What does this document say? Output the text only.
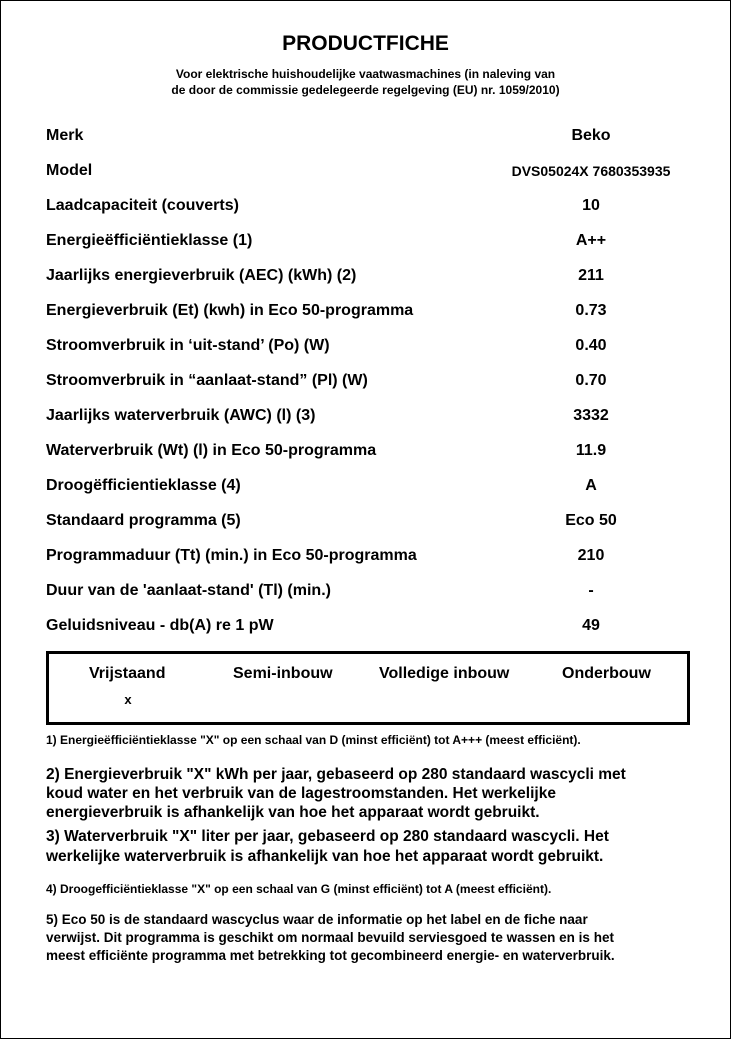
PRODUCTFICHE
Voor elektrische huishoudelijke vaatwasmachines (in naleving van
de door de commissie gedelegeerde regelgeving (EU) nr. 1059/2010)
Merk	Beko
Model	DVS05024X 7680353935
Laadcapaciteit (couverts)	10
Energieëfficiëntieklasse (1)	A++
Jaarlijks energieverbruik (AEC) (kWh) (2)	211
Energieverbruik (Et) (kwh) in Eco 50-programma	0.73
Stroomverbruik in ‘uit-stand’ (Po) (W)	0.40
Stroomverbruik in “aanlaat-stand” (Pl) (W)	0.70
Jaarlijks waterverbruik (AWC) (l) (3)	3332
Waterverbruik (Wt) (l) in Eco 50-programma	11.9
Droogëfficientieklasse (4)	A
Standaard programma (5)	Eco 50
Programmaduur (Tt) (min.) in Eco 50-programma	210
Duur van de 'aanlaat-stand' (Tl) (min.)	-
Geluidsniveau - db(A) re 1 pW	49
Vrijstaand	Semi-inbouw	Volledige inbouw	Onderbouw
x
1) Energieëfficiëntieklasse "X" op een schaal van D (minst efficiënt) tot A+++ (meest efficiënt).
2) Energieverbruik "X" kWh per jaar, gebaseerd op 280 standaard wascycli met
koud water en het verbruik van de lagestroomstanden. Het werkelijke
energieverbruik is afhankelijk van hoe het apparaat wordt gebruikt.
3) Waterverbruik "X" liter per jaar, gebaseerd op 280 standaard wascycli. Het
werkelijke waterverbruik is afhankelijk van hoe het apparaat wordt gebruikt.
4) Droogefficiëntieklasse "X" op een schaal van G (minst efficiënt) tot A (meest efficiënt).
5) Eco 50 is de standaard wascyclus waar de informatie op het label en de fiche naar
verwijst. Dit programma is geschikt om normaal bevuild serviesgoed te wassen en is het
meest efficiënte programma met betrekking tot gecombineerd energie- en waterverbruik.
